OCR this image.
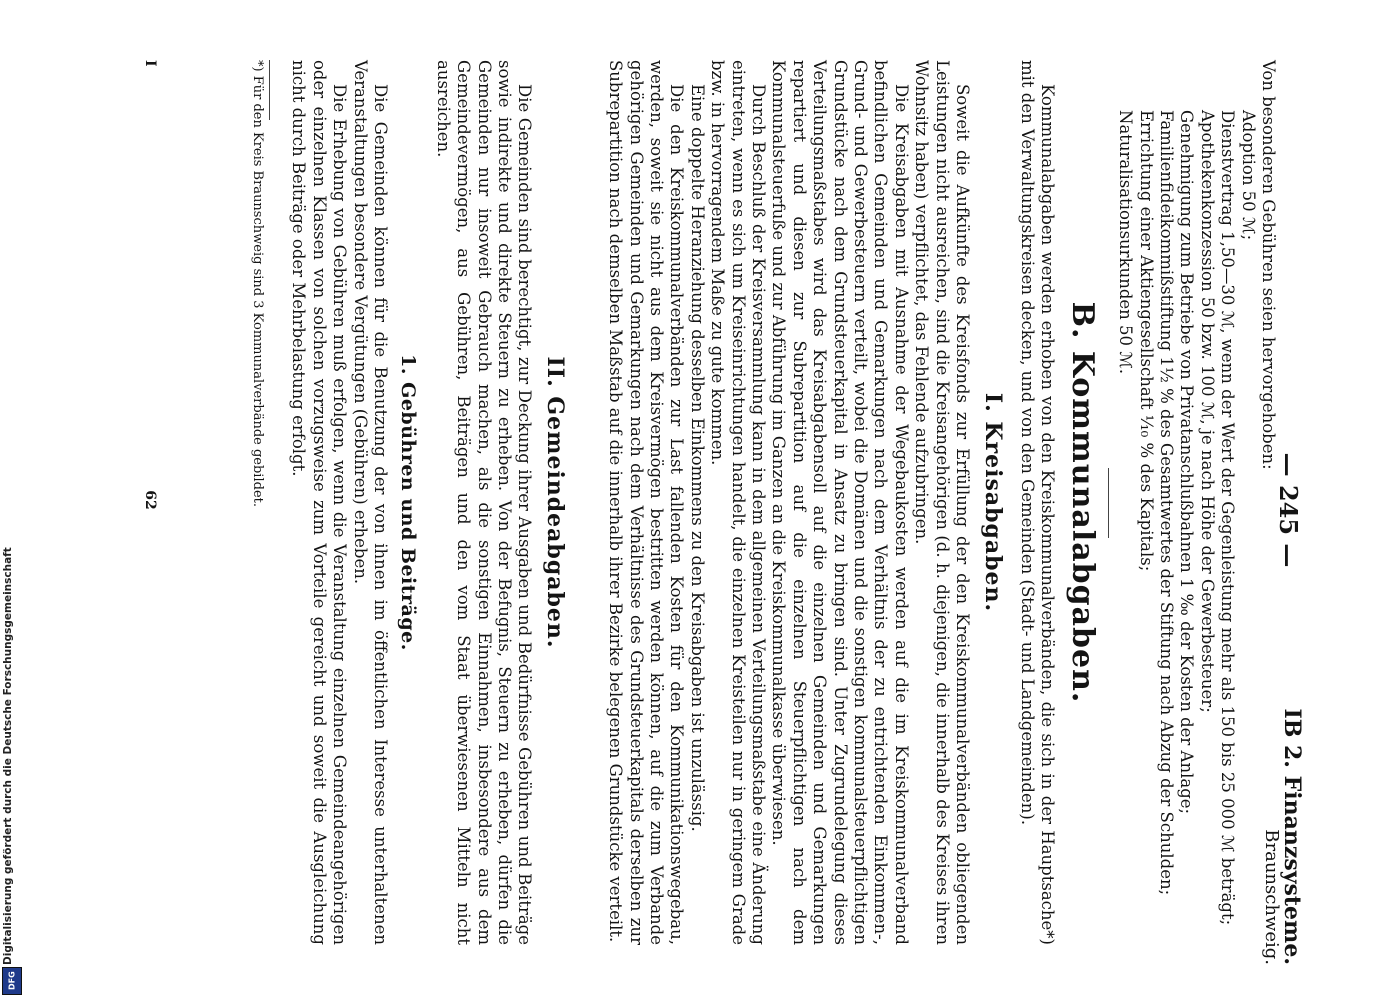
— 245 —
IB 2. Finanzsysteme.
Braunschweig.

Von besonderen Gebühren seien hervorgehoben:

Adoption 50 ℳ;
Dienstvertrag 1,50—30 ℳ, wenn der Wert der Gegenleistung mehr als 150 bis 25 000 ℳ beträgt;
Apothekenkonzession 50 bzw. 100 ℳ, je nach Höhe der Gewerbesteuer;
Genehmigung zum Betriebe von Privatanschlußbahnen 1 ‰ der Kosten der Anlage;
Familienfideikommißstiftung 1½ % des Gesamtwertes der Stiftung nach Abzug der Schulden;
Errichtung einer Aktiengesellschaft ¹⁄₁₀ % des Kapitals;
Naturalisationsurkunden 50 ℳ.
B. Kommunalabgaben.

Kommunalabgaben werden erhoben von den Kreiskommunalverbänden, die sich in der Hauptsache*) mit den Verwaltungskreisen decken, und von den Gemeinden (Stadt- und Landgemeinden).

I. Kreisabgaben.

Soweit die Aufkünfte des Kreisfonds zur Erfüllung der den Kreiskommunalverbänden obliegenden Leistungen nicht ausreichen, sind die Kreisangehörigen (d. h. diejenigen, die innerhalb des Kreises ihren Wohnsitz haben) verpflichtet, das Fehlende aufzubringen.

Die Kreisabgaben mit Ausnahme der Wegebaukosten werden auf die im Kreiskommunalverband befindlichen Gemeinden und Gemarkungen nach dem Verhältnis der zu entrichtenden Einkommen-, Grund- und Gewerbesteuern verteilt, wobei die Domänen und die sonstigen kommunalsteuerpflichtigen Grundstücke nach dem Grundsteuerkapital in Ansatz zu bringen sind. Unter Zugrundelegung dieses Verteilungsmaßstabes wird das Kreisabgabensoll auf die einzelnen Gemeinden und Gemarkungen repartiert und diesen zur Subrepartition auf die einzelnen Steuerpflichtigen nach dem Kommunalsteuerfuße und zur Abführung im Ganzen an die Kreiskommunalkasse überwiesen.

Durch Beschluß der Kreisversammlung kann in dem allgemeinen Verteilungsmaßstabe eine Änderung eintreten, wenn es sich um Kreiseinrichtungen handelt, die einzelnen Kreisteilen nur in geringem Grade bzw. in hervorragendem Maße zu gute kommen.

Eine doppelte Heranziehung desselben Einkommens zu den Kreisabgaben ist unzulässig.

Die den Kreiskommunalverbänden zur Last fallenden Kosten für den Kommunikationswegebau, werden, soweit sie nicht aus dem Kreisvermögen bestritten werden können, auf die zum Verbande gehörigen Gemeinden und Gemarkungen nach dem Verhältnisse des Grundsteuerkapitals derselben zur Subrepartition nach demselben Maßstab auf die innerhalb ihrer Bezirke belegenen Grundstücke verteilt.

II. Gemeindeabgaben.

Die Gemeinden sind berechtigt, zur Deckung ihrer Ausgaben und Bedürfnisse Gebühren und Beiträge sowie indirekte und direkte Steuern zu erheben. Von der Befugnis, Steuern zu erheben, dürfen die Gemeinden nur insoweit Gebrauch machen, als die sonstigen Einnahmen, insbesondere aus dem Gemeindevermögen, aus Gebühren, Beiträgen und den vom Staat überwiesenen Mitteln nicht ausreichen.

1. Gebühren und Beiträge.

Die Gemeinden können für die Benutzung der von ihnen im öffentlichen Interesse unterhaltenen Veranstaltungen besondere Vergütungen (Gebühren) erheben.

Die Erhebung von Gebühren muß erfolgen, wenn die Veranstaltung einzelnen Gemeindeangehörigen oder einzelnen Klassen von solchen vorzugsweise zum Vorteile gereicht und soweit die Ausgleichung nicht durch Beiträge oder Mehrbelastung erfolgt.

*) Für den Kreis Braunschweig sind 3 Kommunalverbände gebildet.
I
62
Digitalisierung gefördert durch die Deutsche Forschungsgemeinschaft
DFG
